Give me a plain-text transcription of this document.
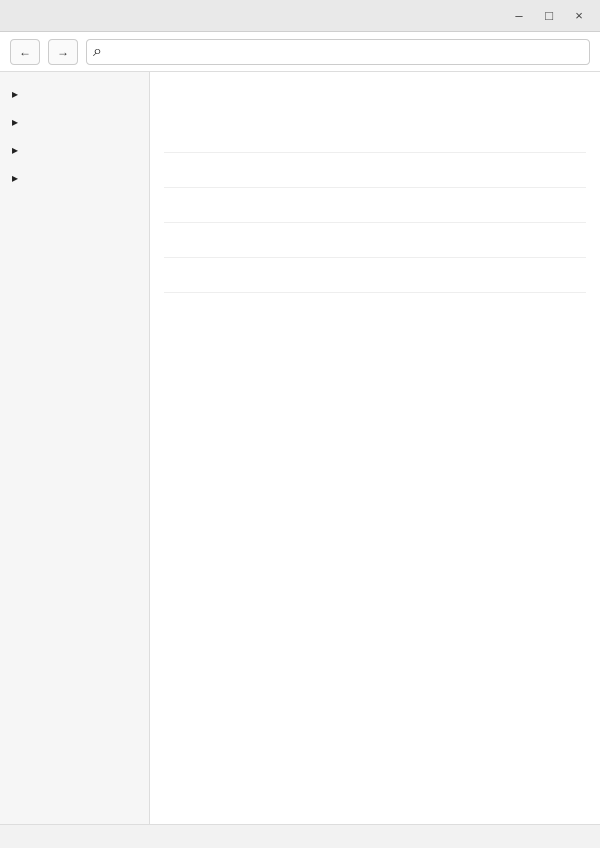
–	□	×
←	→	⌕
▸
▸
▸
▸
